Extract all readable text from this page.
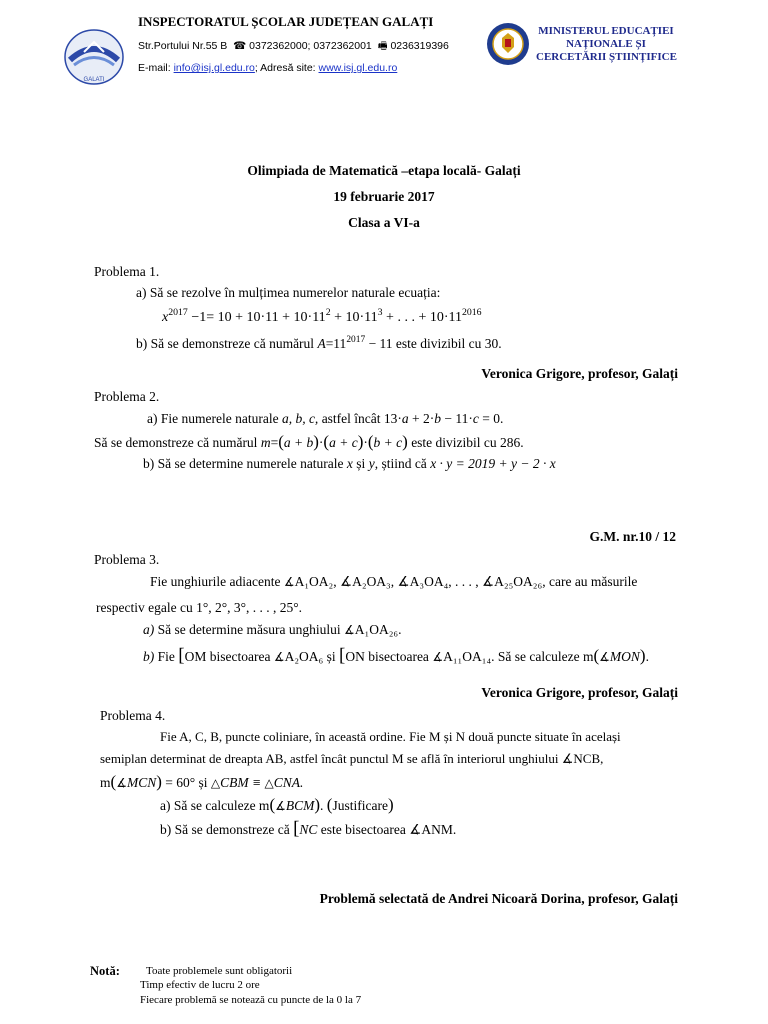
GALATI
INSPECTORATUL ȘCOLAR JUDEȚEAN GALAȚI
Str.Portului Nr.55 B  ☎ 0372362000; 0372362001  🖷 0236319396
E-mail: info@isj.gl.edu.ro; Adresă site: www.isj.gl.edu.ro
MINISTERUL EDUCAȚIEI
NAȚIONALE ȘI
CERCETĂRII ȘTIINȚIFICE
Olimpiada de Matematică –etapa locală- Galați
19 februarie 2017
Clasa a VI-a
Problema 1.
a) Să se rezolve în mulțimea numerelor naturale ecuația:
$x^{2017} -1= 10 + 10\cdot 11 + 10\cdot 11^2 + 10\cdot 11^3$ + . . . + $10\cdot 11^{2016}$
b) Să se demonstreze că numărul $A=11^{2017} - 11$ este divizibil cu 30.
Veronica Grigore, profesor, Galați
Problema 2.
a) Fie numerele naturale a, b, c, astfel încât 13·a + 2·b − 11·c = 0.
Să se demonstreze că numărul m=(a + b)·(a + c)·(b + c) este divizibil cu 286.
b) Să se determine numerele naturale x și y, știind că x · y = 2019 + y − 2 · x
G.M. nr.10 / 12
Problema 3.
Fie unghiurile adiacente ∡A₁OA₂, ∡A₂OA₃, ∡A₃OA₄, . . . , ∡A₂₅OA₂₆, care au măsurile
respectiv egale cu 1°, 2°, 3°, . . . , 25°.
a) Să se determine măsura unghiului ∡A₁OA₂₆.
b) Fie [OM bisectoarea ∡A₂OA₆ și [ON bisectoarea ∡A₁₁OA₁₄. Să se calculeze m(∡MON).
Veronica Grigore, profesor, Galați
Problema 4.
Fie A, C, B, puncte coliniare, în această ordine. Fie M și N două puncte situate în același
semiplan determinat de dreapta AB, astfel încât punctul M se află în interiorul unghiului ∡NCB,
m(∡MCN) = 60° și △CBM ≡ △CNA.
a) Să se calculeze m(∡BCM). (Justificare)
b) Să se demonstreze că [NC este bisectoarea ∡ANM.
Problemă selectată de Andrei Nicoară Dorina, profesor, Galați
Notă: Toate problemele sunt obligatorii
Timp efectiv de lucru 2 ore
Fiecare problemă se notează cu puncte de la 0 la 7
